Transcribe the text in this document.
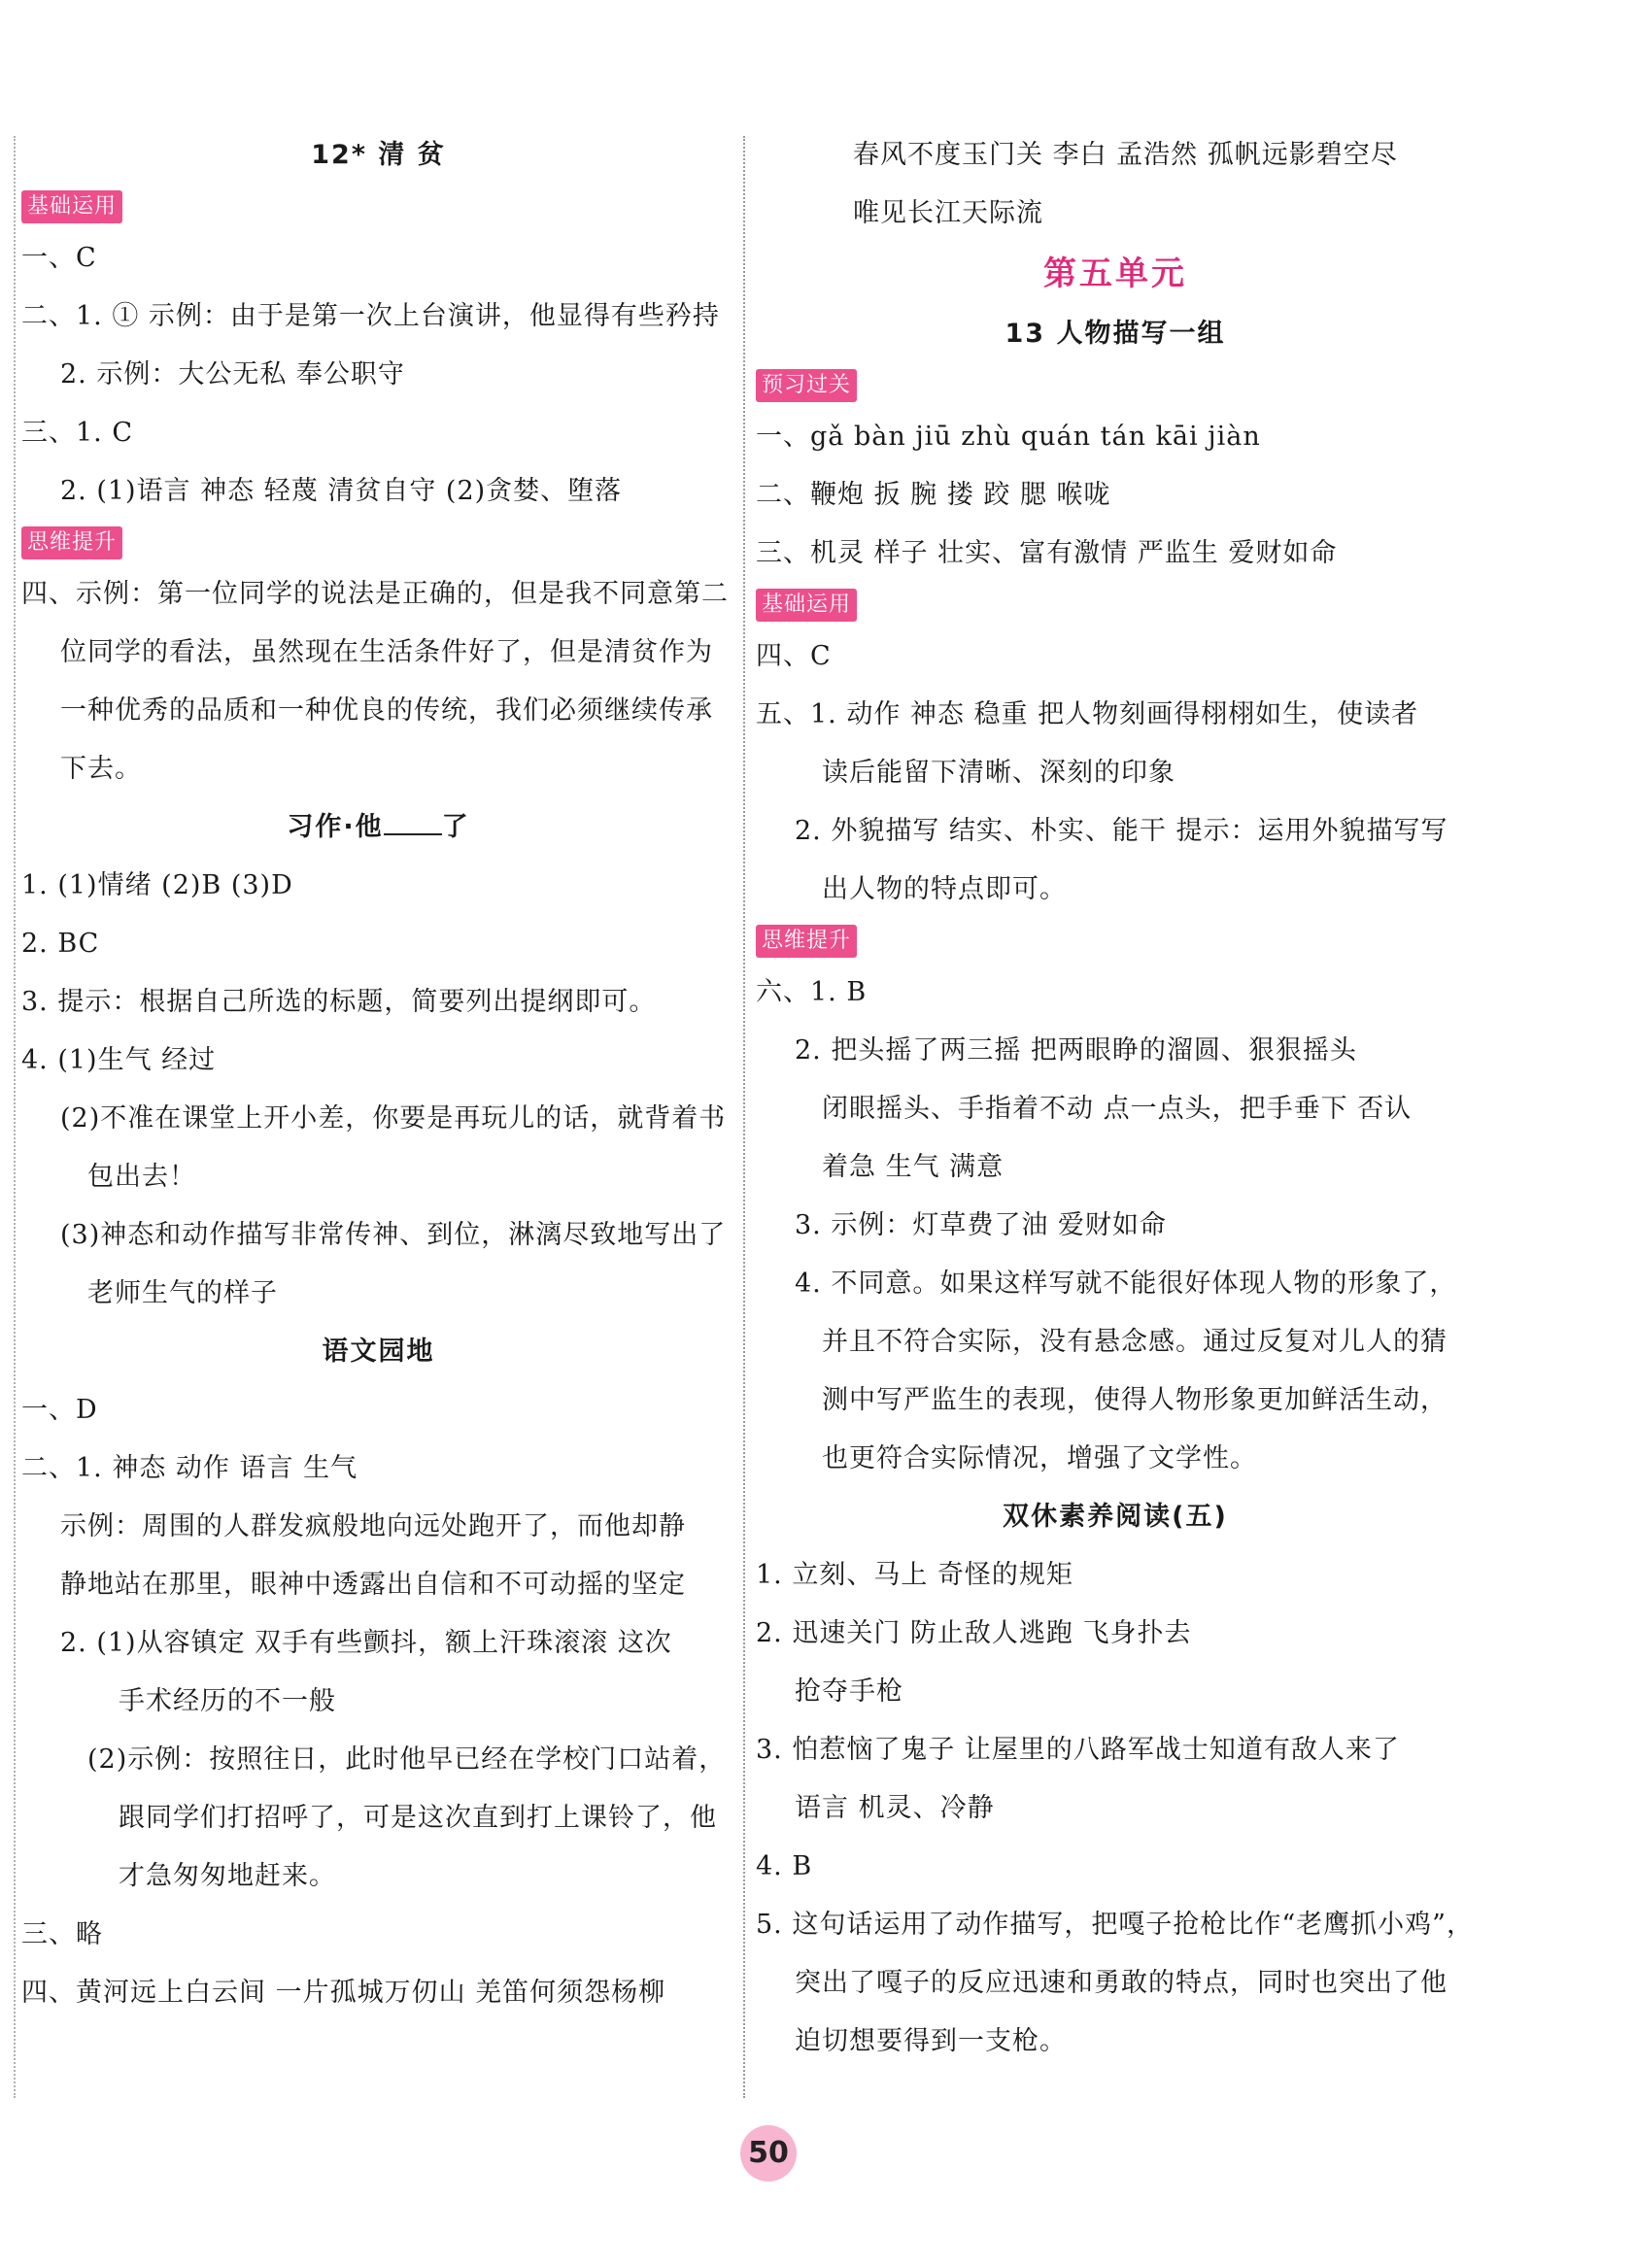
12* 清 贫
基础运用
一、C
二、1. ① 示例：由于是第一次上台演讲，他显得有些矜持
2. 示例：大公无私 奉公职守
三、1. C
2. (1)语言 神态 轻蔑 清贫自守 (2)贪婪、堕落
思维提升
四、示例：第一位同学的说法是正确的，但是我不同意第二
位同学的看法，虽然现在生活条件好了，但是清贫作为
一种优秀的品质和一种优良的传统，我们必须继续传承
下去。
习作·他 了
1. (1)情绪 (2)B (3)D
2. BC
3. 提示：根据自己所选的标题，简要列出提纲即可。
4. (1)生气 经过
(2)不准在课堂上开小差，你要是再玩儿的话，就背着书
包出去！
(3)神态和动作描写非常传神、到位，淋漓尽致地写出了
老师生气的样子
语文园地
一、D
二、1. 神态 动作 语言 生气
示例：周围的人群发疯般地向远处跑开了，而他却静
静地站在那里，眼神中透露出自信和不可动摇的坚定
2. (1)从容镇定 双手有些颤抖，额上汗珠滚滚 这次
手术经历的不一般
(2)示例：按照往日，此时他早已经在学校门口站着，
跟同学们打招呼了，可是这次直到打上课铃了，他
才急匆匆地赶来。
三、略
四、黄河远上白云间 一片孤城万仞山 羌笛何须怨杨柳
春风不度玉门关 李白 孟浩然 孤帆远影碧空尽
唯见长江天际流
第五单元
13 人物描写一组
预习过关
一、gǎ bàn jiū zhù quán tán kāi jiàn
二、鞭炮 扳 腕 搂 跤 腮 喉咙
三、机灵 样子 壮实、富有激情 严监生 爱财如命
基础运用
四、C
五、1. 动作 神态 稳重 把人物刻画得栩栩如生，使读者
读后能留下清晰、深刻的印象
2. 外貌描写 结实、朴实、能干 提示：运用外貌描写写
出人物的特点即可。
思维提升
六、1. B
2. 把头摇了两三摇 把两眼睁的溜圆、狠狠摇头
闭眼摇头、手指着不动 点一点头，把手垂下 否认
着急 生气 满意
3. 示例：灯草费了油 爱财如命
4. 不同意。如果这样写就不能很好体现人物的形象了，
并且不符合实际，没有悬念感。通过反复对儿人的猜
测中写严监生的表现，使得人物形象更加鲜活生动，
也更符合实际情况，增强了文学性。
双休素养阅读(五)
1. 立刻、马上 奇怪的规矩
2. 迅速关门 防止敌人逃跑 飞身扑去
抢夺手枪
3. 怕惹恼了鬼子 让屋里的八路军战士知道有敌人来了
语言 机灵、冷静
4. B
5. 这句话运用了动作描写，把嘎子抢枪比作“老鹰抓小鸡”，
突出了嘎子的反应迅速和勇敢的特点，同时也突出了他
迫切想要得到一支枪。
50
